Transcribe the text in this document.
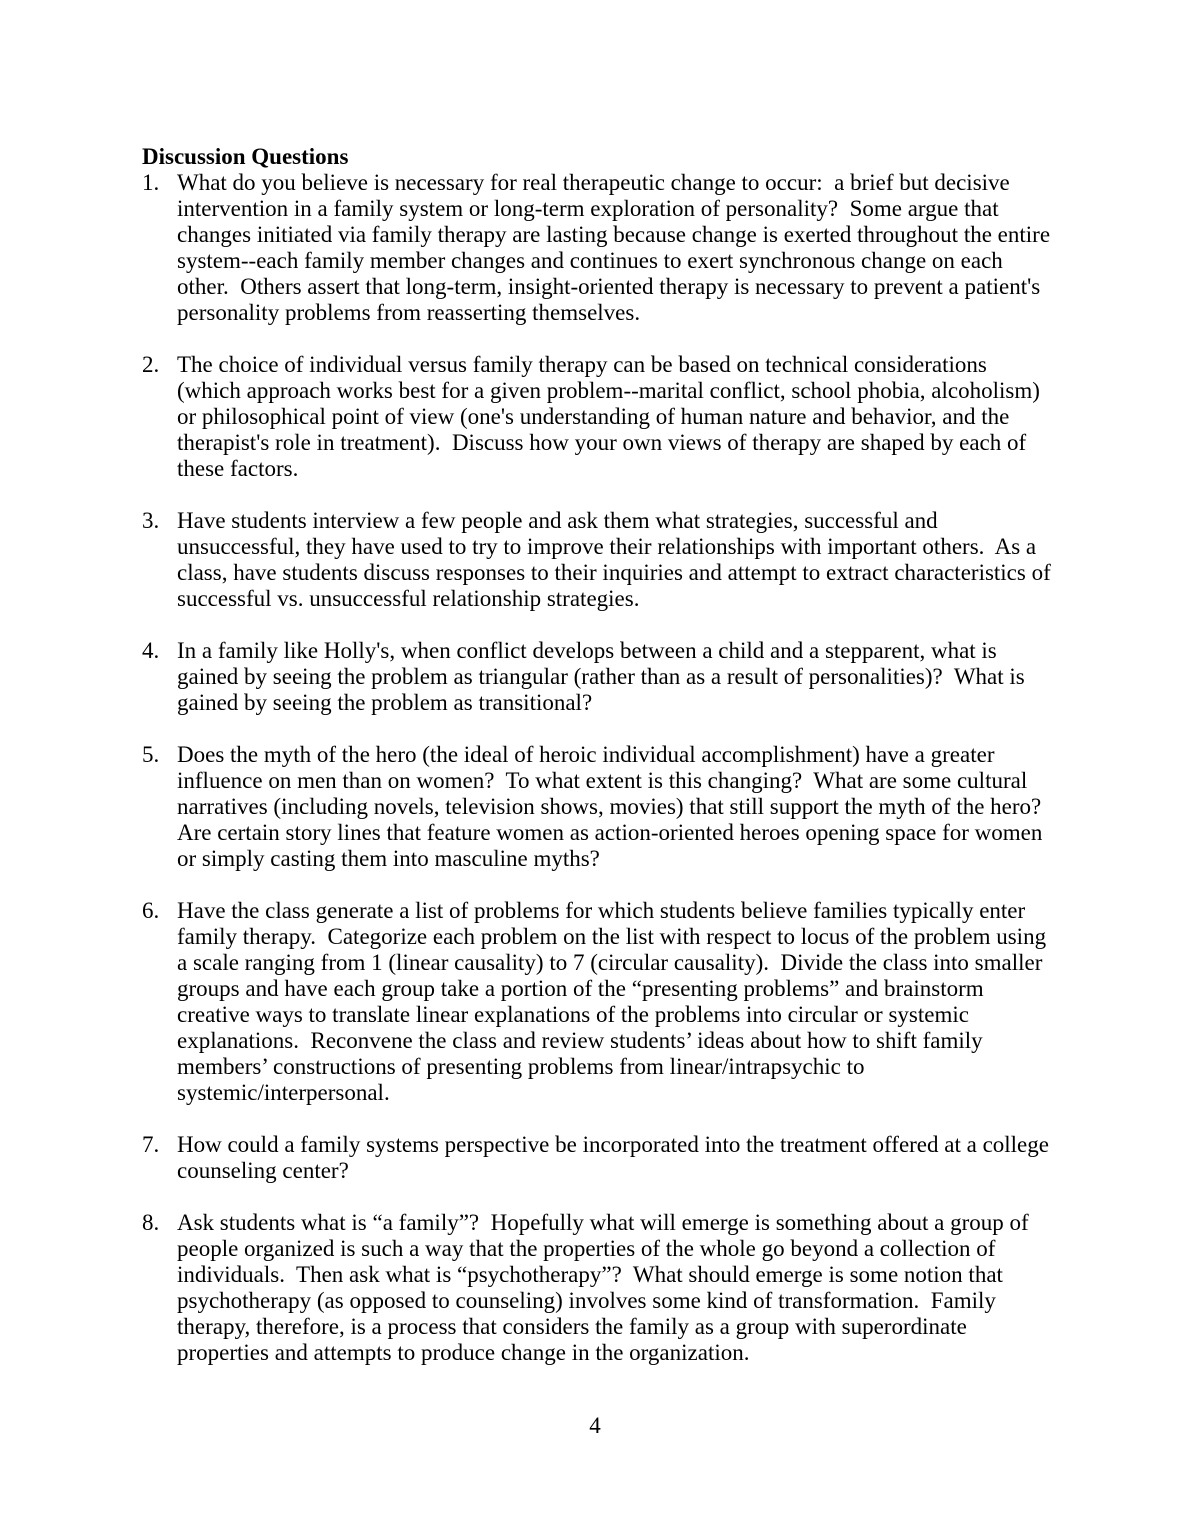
Discussion Questions
1. What do you believe is necessary for real therapeutic change to occur:  a brief but decisive intervention in a family system or long-term exploration of personality?  Some argue that changes initiated via family therapy are lasting because change is exerted throughout the entire system--each family member changes and continues to exert synchronous change on each other.  Others assert that long-term, insight-oriented therapy is necessary to prevent a patient's personality problems from reasserting themselves.
2. The choice of individual versus family therapy can be based on technical considerations (which approach works best for a given problem--marital conflict, school phobia, alcoholism) or philosophical point of view (one's understanding of human nature and behavior, and the therapist's role in treatment).  Discuss how your own views of therapy are shaped by each of these factors.
3. Have students interview a few people and ask them what strategies, successful and unsuccessful, they have used to try to improve their relationships with important others.  As a class, have students discuss responses to their inquiries and attempt to extract characteristics of successful vs. unsuccessful relationship strategies.
4. In a family like Holly's, when conflict develops between a child and a stepparent, what is gained by seeing the problem as triangular (rather than as a result of personalities)?  What is gained by seeing the problem as transitional?
5. Does the myth of the hero (the ideal of heroic individual accomplishment) have a greater influence on men than on women?  To what extent is this changing?  What are some cultural narratives (including novels, television shows, movies) that still support the myth of the hero? Are certain story lines that feature women as action-oriented heroes opening space for women or simply casting them into masculine myths?
6. Have the class generate a list of problems for which students believe families typically enter family therapy.  Categorize each problem on the list with respect to locus of the problem using a scale ranging from 1 (linear causality) to 7 (circular causality).  Divide the class into smaller groups and have each group take a portion of the “presenting problems” and brainstorm creative ways to translate linear explanations of the problems into circular or systemic explanations.  Reconvene the class and review students’ ideas about how to shift family members’ constructions of presenting problems from linear/intrapsychic to systemic/interpersonal.
7. How could a family systems perspective be incorporated into the treatment offered at a college counseling center?
8. Ask students what is “a family”?  Hopefully what will emerge is something about a group of people organized is such a way that the properties of the whole go beyond a collection of individuals.  Then ask what is “psychotherapy”?  What should emerge is some notion that psychotherapy (as opposed to counseling) involves some kind of transformation.  Family therapy, therefore, is a process that considers the family as a group with superordinate properties and attempts to produce change in the organization.
4
